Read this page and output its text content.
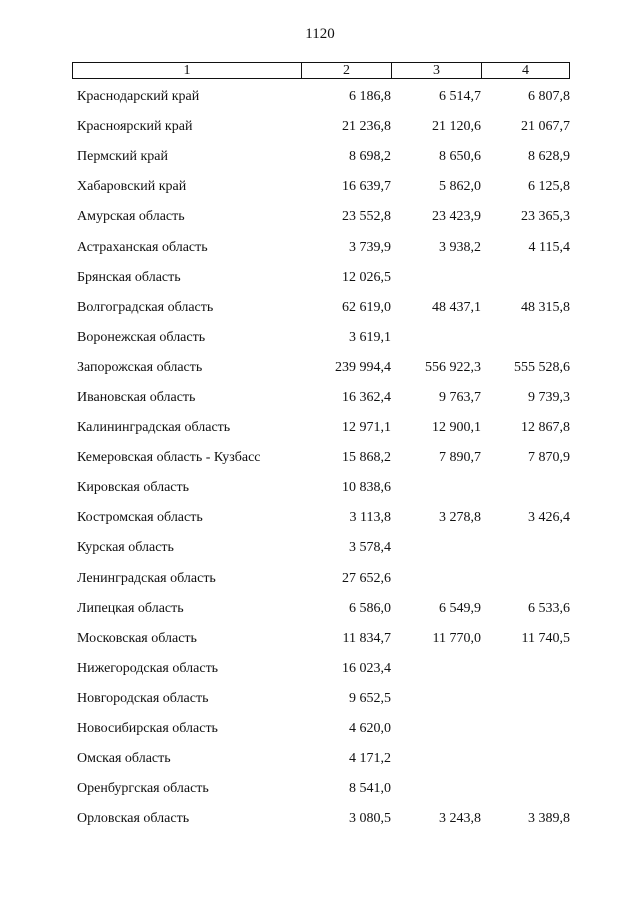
1120
1	2	3	4
Краснодарский край	6 186,8	6 514,7	6 807,8
Красноярский край	21 236,8	21 120,6	21 067,7
Пермский край	8 698,2	8 650,6	8 628,9
Хабаровский край	16 639,7	5 862,0	6 125,8
Амурская область	23 552,8	23 423,9	23 365,3
Астраханская область	3 739,9	3 938,2	4 115,4
Брянская область	12 026,5
Волгоградская область	62 619,0	48 437,1	48 315,8
Воронежская область	3 619,1
Запорожская область	239 994,4	556 922,3	555 528,6
Ивановская область	16 362,4	9 763,7	9 739,3
Калининградская область	12 971,1	12 900,1	12 867,8
Кемеровская область - Кузбасс	15 868,2	7 890,7	7 870,9
Кировская область	10 838,6
Костромская область	3 113,8	3 278,8	3 426,4
Курская область	3 578,4
Ленинградская область	27 652,6
Липецкая область	6 586,0	6 549,9	6 533,6
Московская область	11 834,7	11 770,0	11 740,5
Нижегородская область	16 023,4
Новгородская область	9 652,5
Новосибирская область	4 620,0
Омская область	4 171,2
Оренбургская область	8 541,0
Орловская область	3 080,5	3 243,8	3 389,8
